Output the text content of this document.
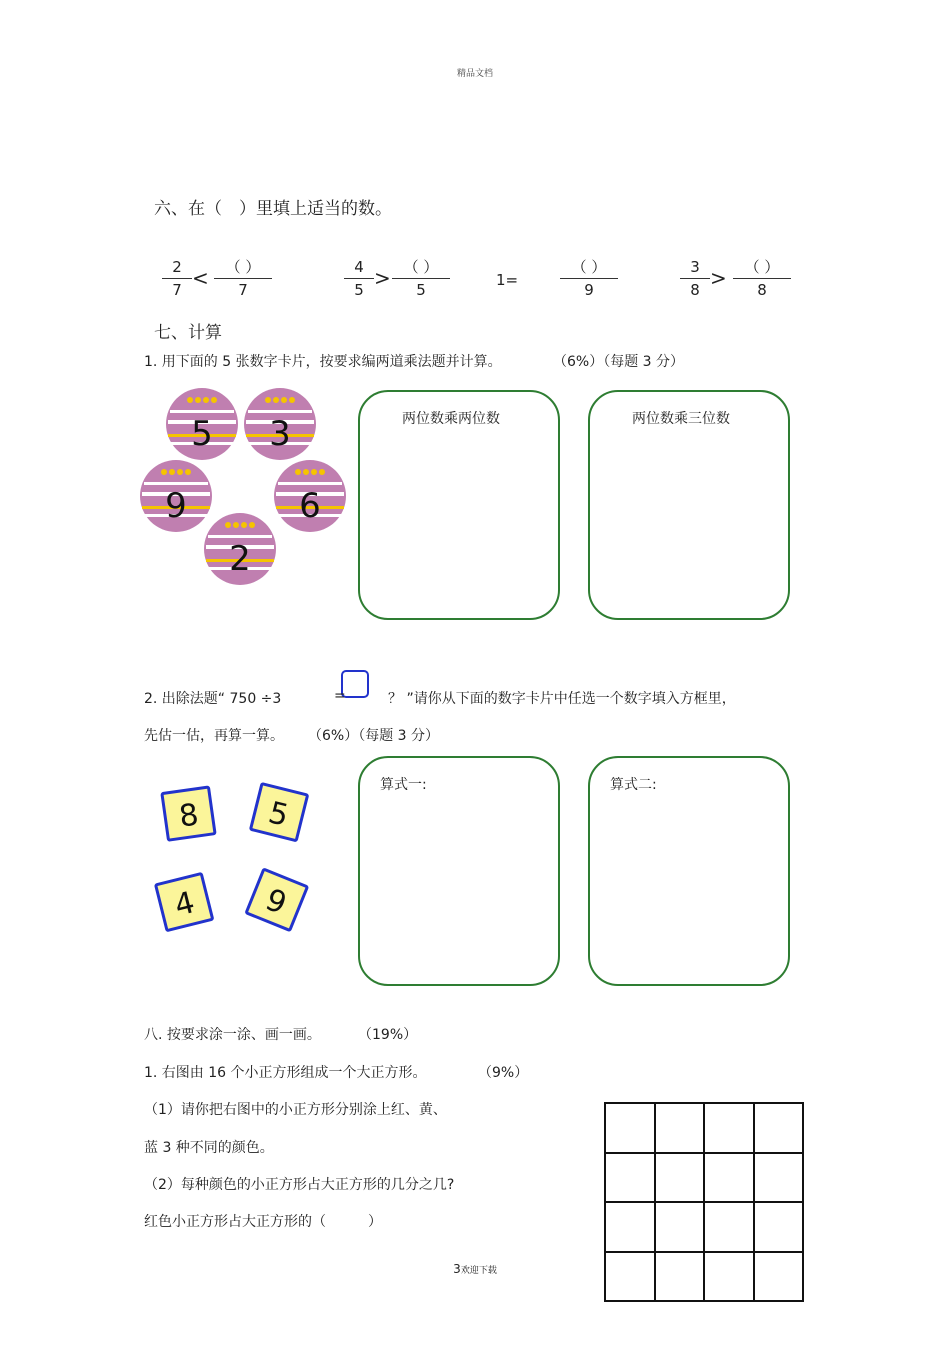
精品文档
六、在（　）里填上适当的数。
2
7 <	（ ）
7
4
5 > （ ）
5
1=
（ ）
9
3
8 >	（ ）
8
七、计算
1. 用下面的 5 张数字卡片，按要求编两道乘法题并计算。	（6%）（每题 3 分）
5	3
9	6
2
两位数乘两位数	两位数乘三位数
2. 出除法题“ 750 ÷3	=	？ ”请你从下面的数字卡片中任选一个数字填入方框里，
先估一估，再算一算。 （6%）（每题 3 分）
8	5
4	9
算式一:	算式二:
八. 按要求涂一涂、画一画。	（19%）
1. 右图由 16 个小正方形组成一个大正方形。	（9%）
（1）请你把右图中的小正方形分别涂上红、黄、
蓝 3 种不同的颜色。
（2）每种颜色的小正方形占大正方形的几分之几?
红色小正方形占大正方形的（　　　）
3欢迎下载
